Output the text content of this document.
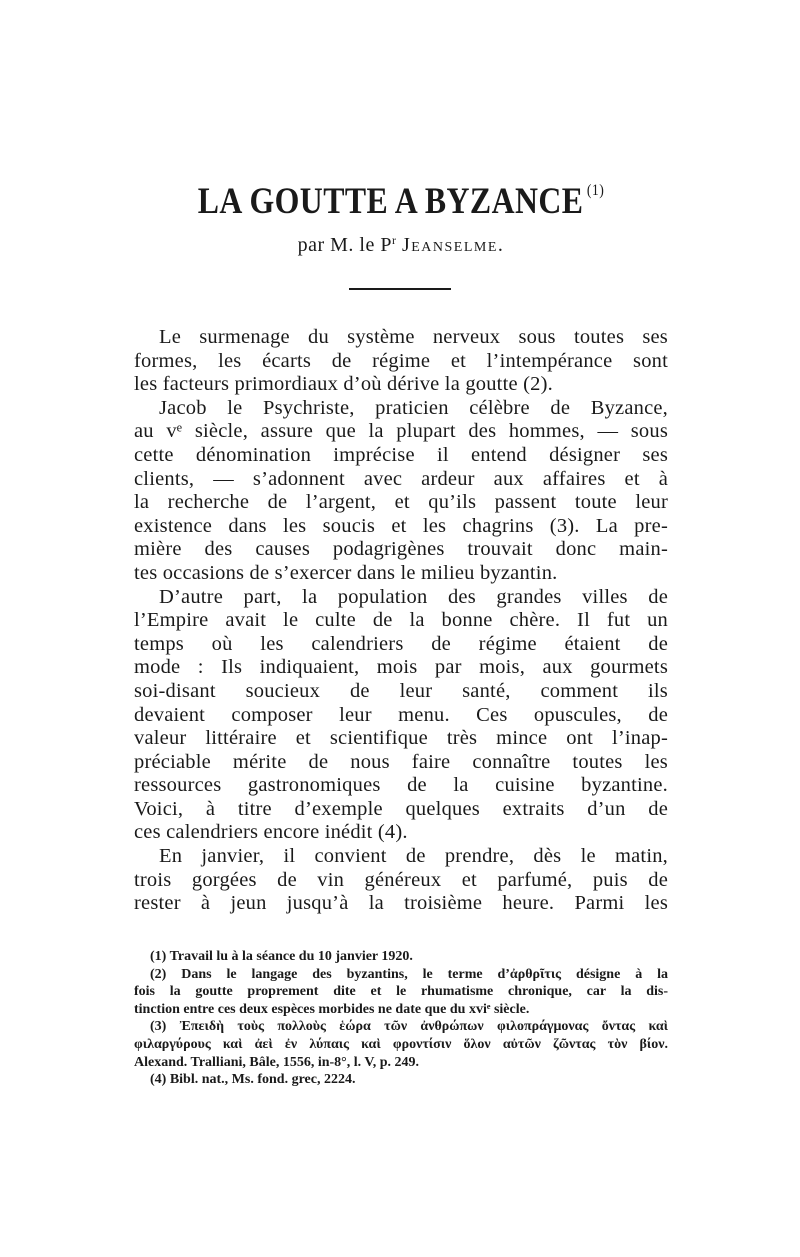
LA GOUTTE A BYZANCE $^{(1)}$
par M. le $P^r$ Jeanselme.
Le surmenage du système nerveux sous toutes ses
formes, les écarts de régime et l’intempérance sont
les facteurs primordiaux d’où dérive la goutte (2).
Jacob le Psychriste, praticien célèbre de Byzance,
au vᵉ siècle, assure que la plupart des hommes, — sous
cette dénomination imprécise il entend désigner ses
clients, — s’adonnent avec ardeur aux affaires et à
la recherche de l’argent, et qu’ils passent toute leur
existence dans les soucis et les chagrins (3). La pre-
mière des causes podagrigènes trouvait donc main-
tes occasions de s’exercer dans le milieu byzantin.
D’autre part, la population des grandes villes de
l’Empire avait le culte de la bonne chère. Il fut un
temps où les calendriers de régime étaient de
mode : Ils indiquaient, mois par mois, aux gourmets
soi-disant soucieux de leur santé, comment ils
devaient composer leur menu. Ces opuscules, de
valeur littéraire et scientifique très mince ont l’inap-
préciable mérite de nous faire connaître toutes les
ressources gastronomiques de la cuisine byzantine.
Voici, à titre d’exemple quelques extraits d’un de
ces calendriers encore inédit (4).
En janvier, il convient de prendre, dès le matin,
trois gorgées de vin généreux et parfumé, puis de
rester à jeun jusqu’à la troisième heure. Parmi les
(1) Travail lu à la séance du 10 janvier 1920.
(2) Dans le langage des byzantins, le terme d’ἀρθρῖτις désigne à la
fois la goutte proprement dite et le rhumatisme chronique, car la dis-
tinction entre ces deux espèces morbides ne date que du xviᵉ siècle.
(3) Ἐπειδὴ τοὺς πολλοὺς ἑώρα τῶν ἀνθρώπων φιλοπράγμονας ὄντας καὶ
φιλαργύρους καὶ ἀεὶ ἐν λύπαις καὶ φροντίσιν ὅλον αὐτῶν ζῶντας τὸν βίον.
Alexand. Tralliani, Bâle, 1556, in-8°, l. V, p. 249.
(4) Bibl. nat., Ms. fond. grec, 2224.
